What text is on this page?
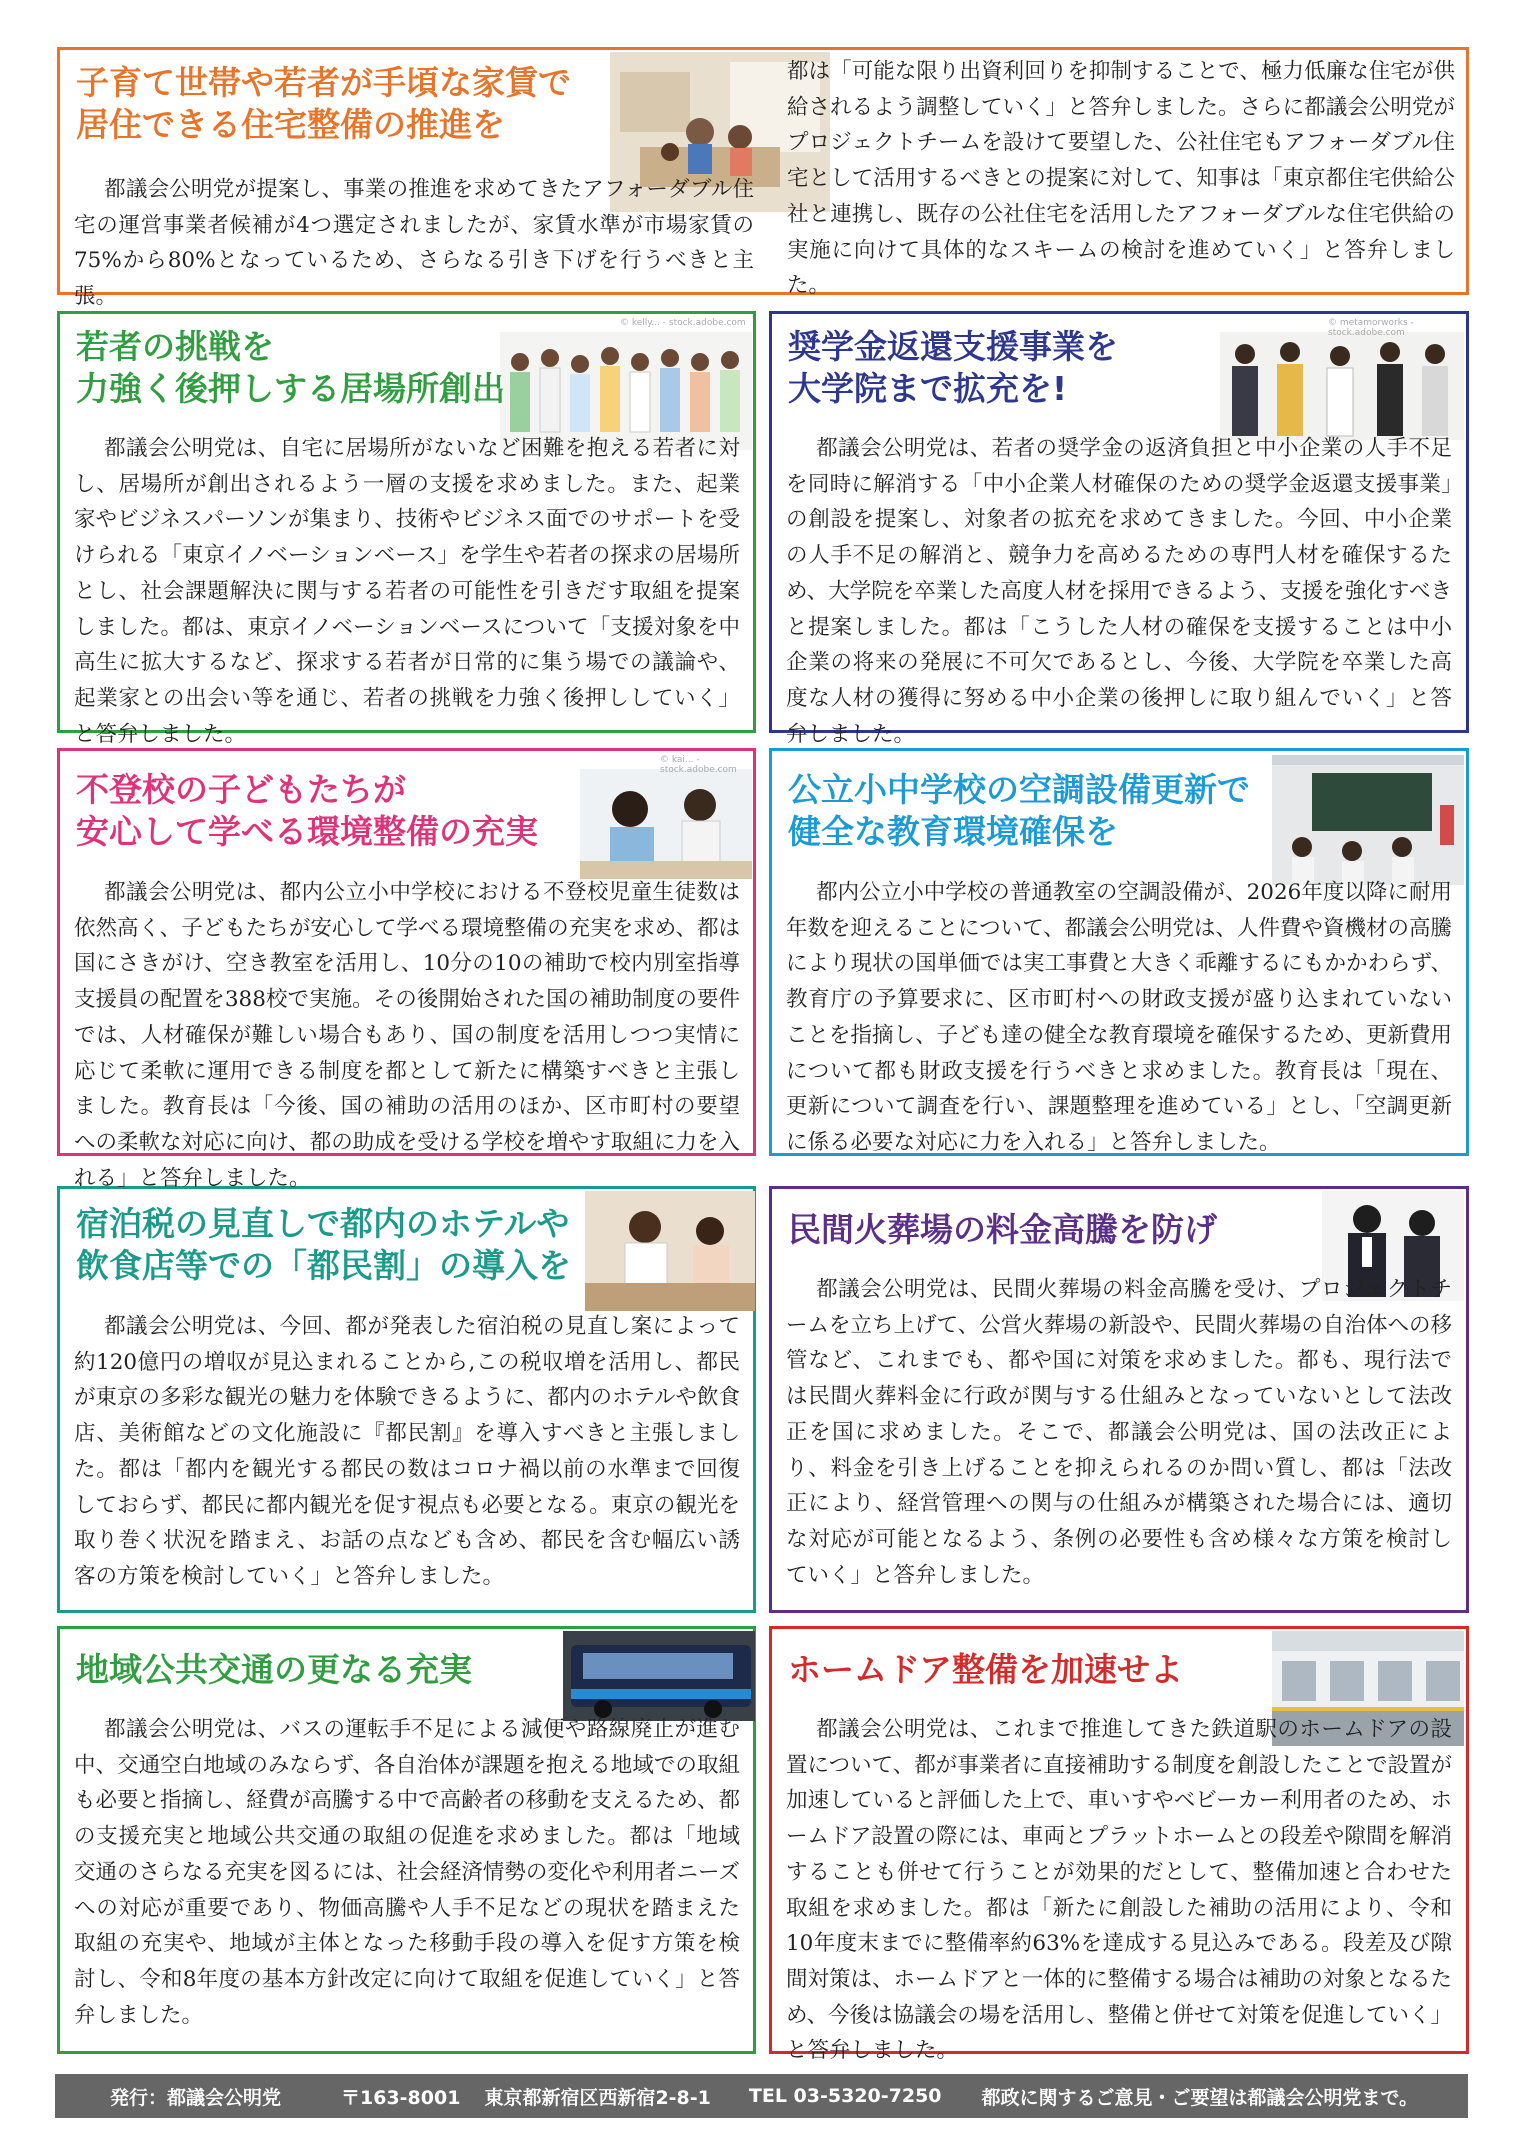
子育て世帯や若者が手頃な家賃で
居住できる住宅整備の推進を

都議会公明党が提案し、事業の推進を求めてきたアフォーダブル住宅の運営事業者候補が4つ選定されましたが、家賃水準が市場家賃の75%から80%となっているため、さらなる引き下げを行うべきと主張。

都は「可能な限り出資利回りを抑制することで、極力低廉な住宅が供給されるよう調整していく」と答弁しました。さらに都議会公明党がプロジェクトチームを設けて要望した、公社住宅もアフォーダブル住宅として活用するべきとの提案に対して、知事は「東京都住宅供給公社と連携し、既存の公社住宅を活用したアフォーダブルな住宅供給の実施に向けて具体的なスキームの検討を進めていく」と答弁しました。

© kelly... - stock.adobe.com
若者の挑戦を
力強く後押しする居場所創出

都議会公明党は、自宅に居場所がないなど困難を抱える若者に対し、居場所が創出されるよう一層の支援を求めました。また、起業家やビジネスパーソンが集まり、技術やビジネス面でのサポートを受けられる「東京イノベーションベース」を学生や若者の探求の居場所とし、社会課題解決に関与する若者の可能性を引きだす取組を提案しました。都は、東京イノベーションベースについて「支援対象を中高生に拡大するなど、探求する若者が日常的に集う場での議論や、起業家との出会い等を通じ、若者の挑戦を力強く後押ししていく」と答弁しました。

© metamorworks - stock.adobe.com
奨学金返還支援事業を
大学院まで拡充を!

都議会公明党は、若者の奨学金の返済負担と中小企業の人手不足を同時に解消する「中小企業人材確保のための奨学金返還支援事業」の創設を提案し、対象者の拡充を求めてきました。今回、中小企業の人手不足の解消と、競争力を高めるための専門人材を確保するため、大学院を卒業した高度人材を採用できるよう、支援を強化すべきと提案しました。都は「こうした人材の確保を支援することは中小企業の将来の発展に不可欠であるとし、今後、大学院を卒業した高度な人材の獲得に努める中小企業の後押しに取り組んでいく」と答弁しました。

© kai... - stock.adobe.com
不登校の子どもたちが
安心して学べる環境整備の充実

都議会公明党は、都内公立小中学校における不登校児童生徒数は依然高く、子どもたちが安心して学べる環境整備の充実を求め、都は国にさきがけ、空き教室を活用し、10分の10の補助で校内別室指導支援員の配置を388校で実施。その後開始された国の補助制度の要件では、人材確保が難しい場合もあり、国の制度を活用しつつ実情に応じて柔軟に運用できる制度を都として新たに構築すべきと主張しました。教育長は「今後、国の補助の活用のほか、区市町村の要望への柔軟な対応に向け、都の助成を受ける学校を増やす取組に力を入れる」と答弁しました。

公立小中学校の空調設備更新で
健全な教育環境確保を

都内公立小中学校の普通教室の空調設備が、2026年度以降に耐用年数を迎えることについて、都議会公明党は、人件費や資機材の高騰により現状の国単価では実工事費と大きく乖離するにもかかわらず、教育庁の予算要求に、区市町村への財政支援が盛り込まれていないことを指摘し、子ども達の健全な教育環境を確保するため、更新費用について都も財政支援を行うべきと求めました。教育長は「現在、更新について調査を行い、課題整理を進めている」とし、「空調更新に係る必要な対応に力を入れる」と答弁しました。

宿泊税の見直しで都内のホテルや
飲食店等での「都民割」の導入を

都議会公明党は、今回、都が発表した宿泊税の見直し案によって約120億円の増収が見込まれることから,この税収増を活用し、都民が東京の多彩な観光の魅力を体験できるように、都内のホテルや飲食店、美術館などの文化施設に『都民割』を導入すべきと主張しました。都は「都内を観光する都民の数はコロナ禍以前の水準まで回復しておらず、都民に都内観光を促す視点も必要となる。東京の観光を取り巻く状況を踏まえ、お話の点なども含め、都民を含む幅広い誘客の方策を検討していく」と答弁しました。

民間火葬場の料金高騰を防げ

都議会公明党は、民間火葬場の料金高騰を受け、プロジェクトチームを立ち上げて、公営火葬場の新設や、民間火葬場の自治体への移管など、これまでも、都や国に対策を求めました。都も、現行法では民間火葬料金に行政が関与する仕組みとなっていないとして法改正を国に求めました。そこで、都議会公明党は、国の法改正により、料金を引き上げることを抑えられるのか問い質し、都は「法改正により、経営管理への関与の仕組みが構築された場合には、適切な対応が可能となるよう、条例の必要性も含め様々な方策を検討していく」と答弁しました。

地域公共交通の更なる充実

都議会公明党は、バスの運転手不足による減便や路線廃止が進む中、交通空白地域のみならず、各自治体が課題を抱える地域での取組も必要と指摘し、経費が高騰する中で高齢者の移動を支えるため、都の支援充実と地域公共交通の取組の促進を求めました。都は「地域交通のさらなる充実を図るには、社会経済情勢の変化や利用者ニーズへの対応が重要であり、物価高騰や人手不足などの現状を踏まえた取組の充実や、地域が主体となった移動手段の導入を促す方策を検討し、令和8年度の基本方針改定に向けて取組を促進していく」と答弁しました。

ホームドア整備を加速せよ

都議会公明党は、これまで推進してきた鉄道駅のホームドアの設置について、都が事業者に直接補助する制度を創設したことで設置が加速していると評価した上で、車いすやベビーカー利用者のため、ホームドア設置の際には、車両とプラットホームとの段差や隙間を解消することも併せて行うことが効果的だとして、整備加速と合わせた取組を求めました。都は「新たに創設した補助の活用により、令和10年度末までに整備率約63%を達成する見込みである。段差及び隙間対策は、ホームドアと一体的に整備する場合は補助の対象となるため、今後は協議会の場を活用し、整備と併せて対策を促進していく」と答弁しました。

発行：都議会公明党	〒163-8001 東京都新宿区西新宿2-8-1 TEL 03-5320-7250 都政に関するご意見・ご要望は都議会公明党まで。
